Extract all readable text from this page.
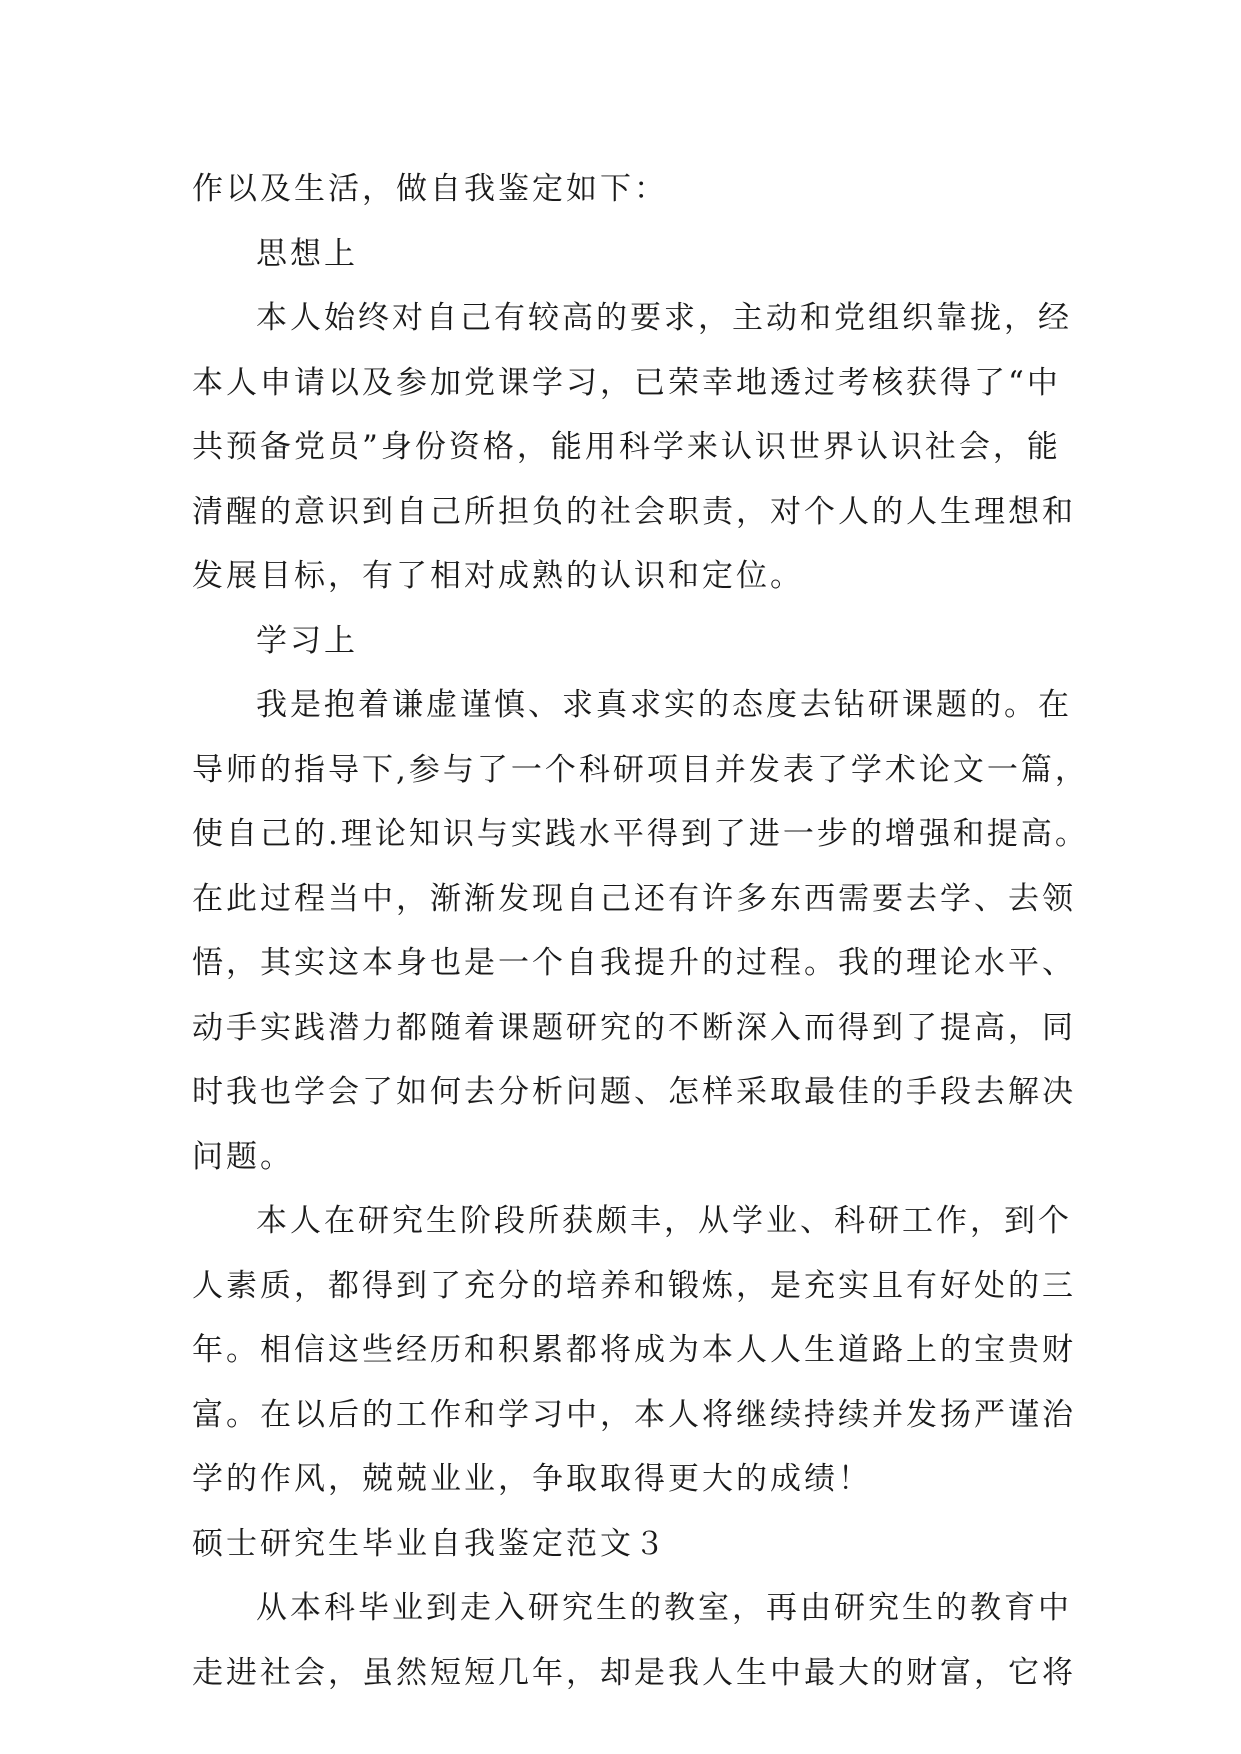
作以及生活，做自我鉴定如下：
思想上
本人始终对自己有较高的要求，主动和党组织靠拢，经
本人申请以及参加党课学习，已荣幸地透过考核获得了“中
共预备党员”身份资格，能用科学来认识世界认识社会，能
清醒的意识到自己所担负的社会职责，对个人的人生理想和
发展目标，有了相对成熟的认识和定位。
学习上
我是抱着谦虚谨慎、求真求实的态度去钻研课题的。在
导师的指导下,参与了一个科研项目并发表了学术论文一篇，
使自己的.理论知识与实践水平得到了进一步的增强和提高。
在此过程当中，渐渐发现自己还有许多东西需要去学、去领
悟，其实这本身也是一个自我提升的过程。我的理论水平、
动手实践潜力都随着课题研究的不断深入而得到了提高，同
时我也学会了如何去分析问题、怎样采取最佳的手段去解决
问题。
本人在研究生阶段所获颇丰，从学业、科研工作，到个
人素质，都得到了充分的培养和锻炼，是充实且有好处的三
年。相信这些经历和积累都将成为本人人生道路上的宝贵财
富。在以后的工作和学习中，本人将继续持续并发扬严谨治
学的作风，兢兢业业，争取取得更大的成绩！
硕士研究生毕业自我鉴定范文３
从本科毕业到走入研究生的教室，再由研究生的教育中
走进社会，虽然短短几年，却是我人生中最大的财富，它将
